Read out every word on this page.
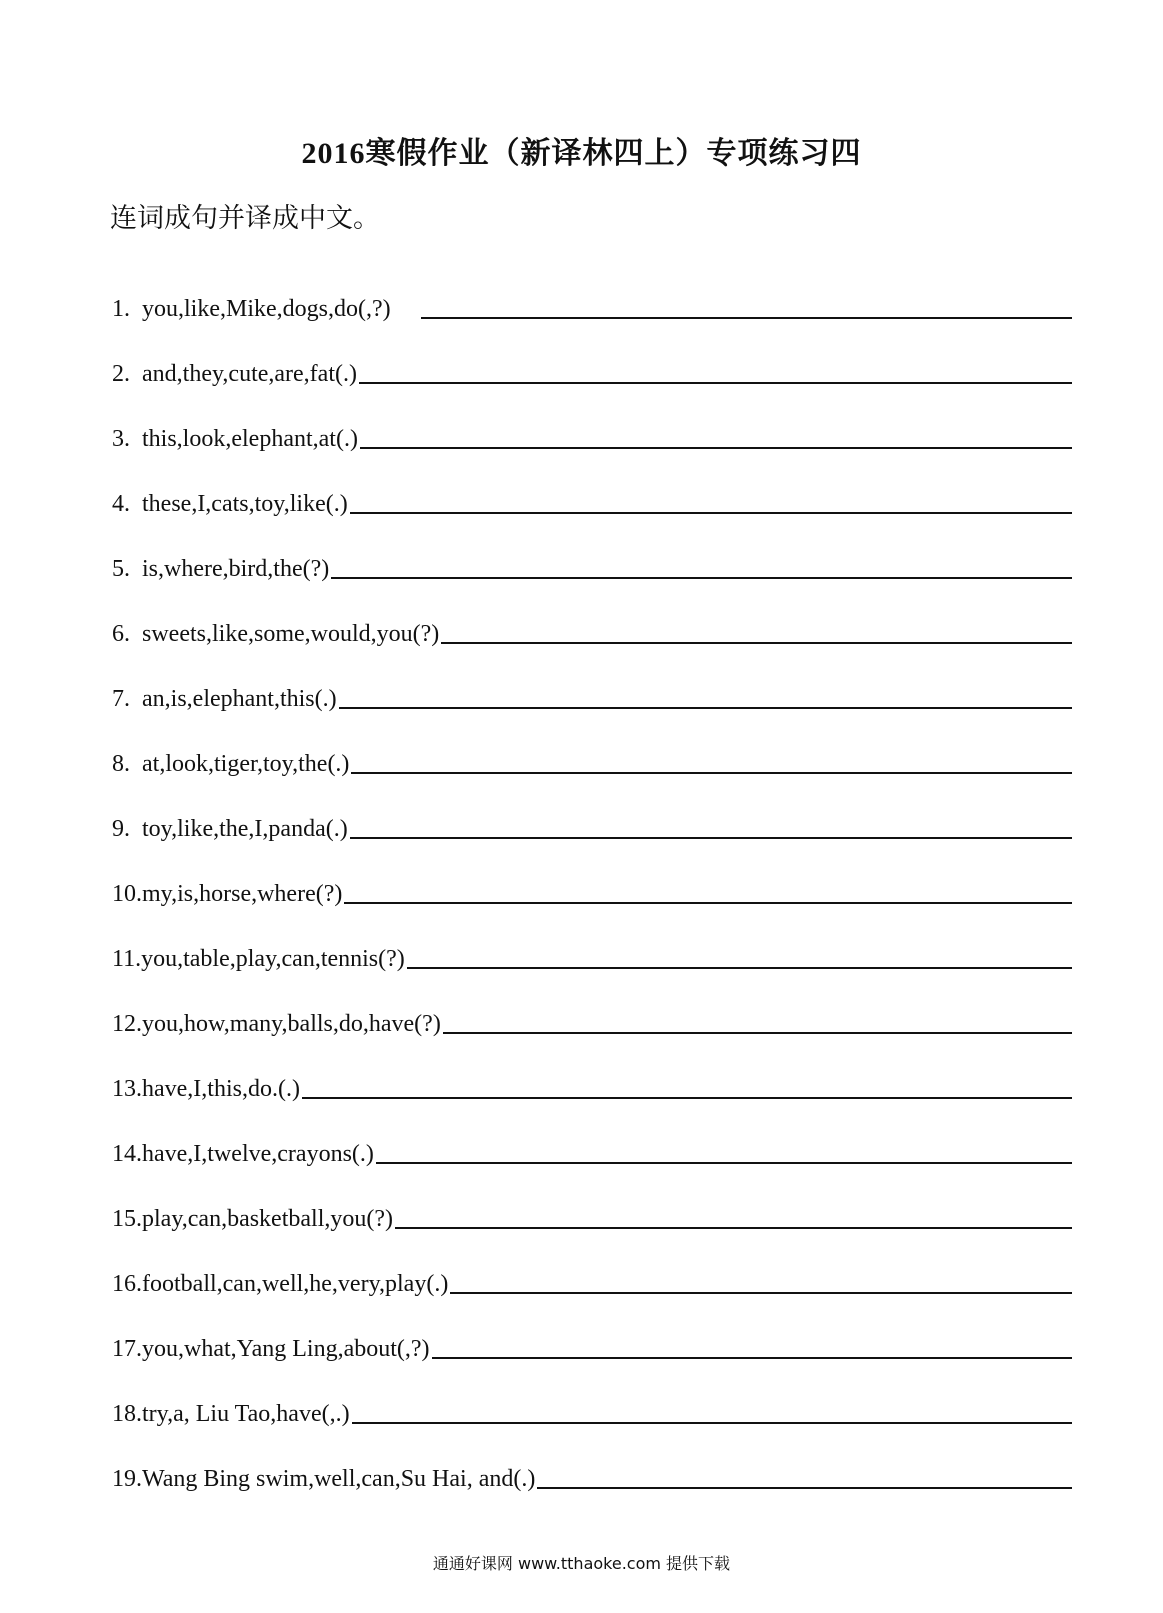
2016寒假作业（新译林四上）专项练习四
连词成句并译成中文。
1. you,like,Mike,dogs,do(,?)
2. and,they,cute,are,fat(.)
3. this,look,elephant,at(.)
4. these,I,cats,toy,like(.)
5. is,where,bird,the(?)
6. sweets,like,some,would,you(?)
7. an,is,elephant,this(.)
8. at,look,tiger,toy,the(.)
9. toy,like,the,I,panda(.)
10. my,is,horse,where(?)
11. you,table,play,can,tennis(?)
12. you,how,many,balls,do,have(?)
13. have,I,this,do.(.)
14. have,I,twelve,crayons(.)
15. play,can,basketball,you(?)
16. football,can,well,he,very,play(.)
17. you,what,Yang Ling,about(,?)
18. try,a, Liu Tao,have(,.)
19. Wang Bing swim,well,can,Su Hai, and(.)
通通好课网 www.tthaoke.com 提供下载
